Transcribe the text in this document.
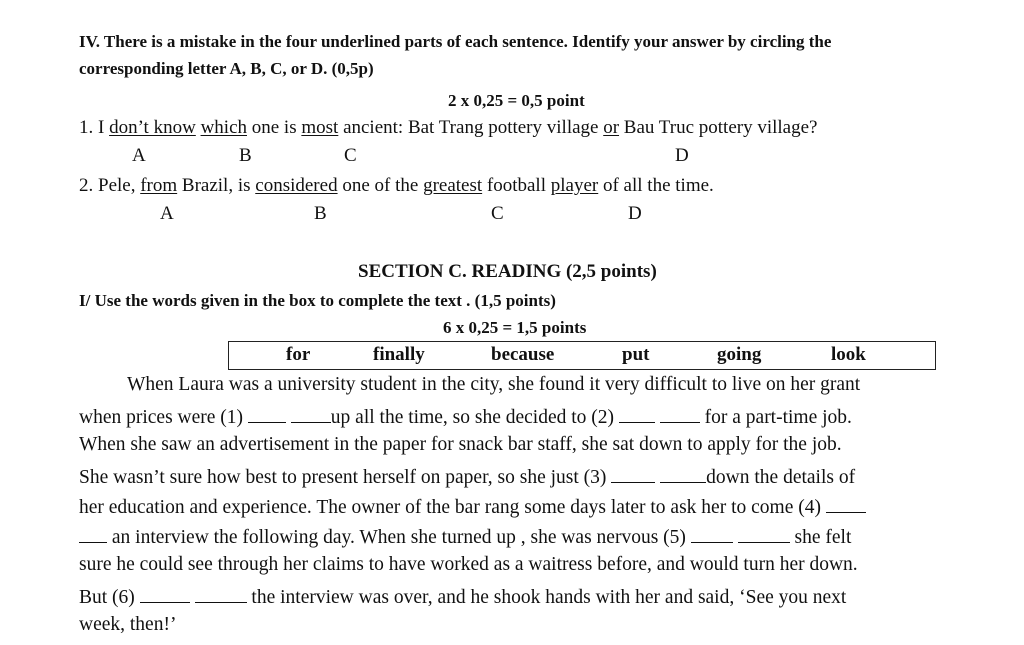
IV. There is a mistake in the four underlined parts of each sentence. Identify your answer by circling the
corresponding letter A, B, C, or D. (0,5p)
2 x 0,25 = 0,5 point
1. I don’t know which one is most ancient: Bat Trang pottery village or Bau Truc pottery village?
A	B	C	D
2. Pele, from Brazil, is considered one of the greatest football player of all the time.
A	B	C	D
SECTION C. READING (2,5 points)
I/ Use the words given in the box to complete the text . (1,5 points)
6 x 0,25 = 1,5 points
for	finally	because	put	going	look
When Laura was a university student in the city, she found it very difficult to live on her grant
when prices were (1)	up all the time, so she decided to (2)	for a part-time job.
When she saw an advertisement in the paper for snack bar staff, she sat down to apply for the job.
She wasn’t sure how best to present herself on paper, so she just (3)	down the details of
her education and experience. The owner of the bar rang some days later to ask her to come (4)
an interview the following day. When she turned up , she was nervous (5)	she felt
sure he could see through her claims to have worked as a waitress before, and would turn her down.
But (6)	the interview was over, and he shook hands with her and said, ‘See you next
week, then!’
